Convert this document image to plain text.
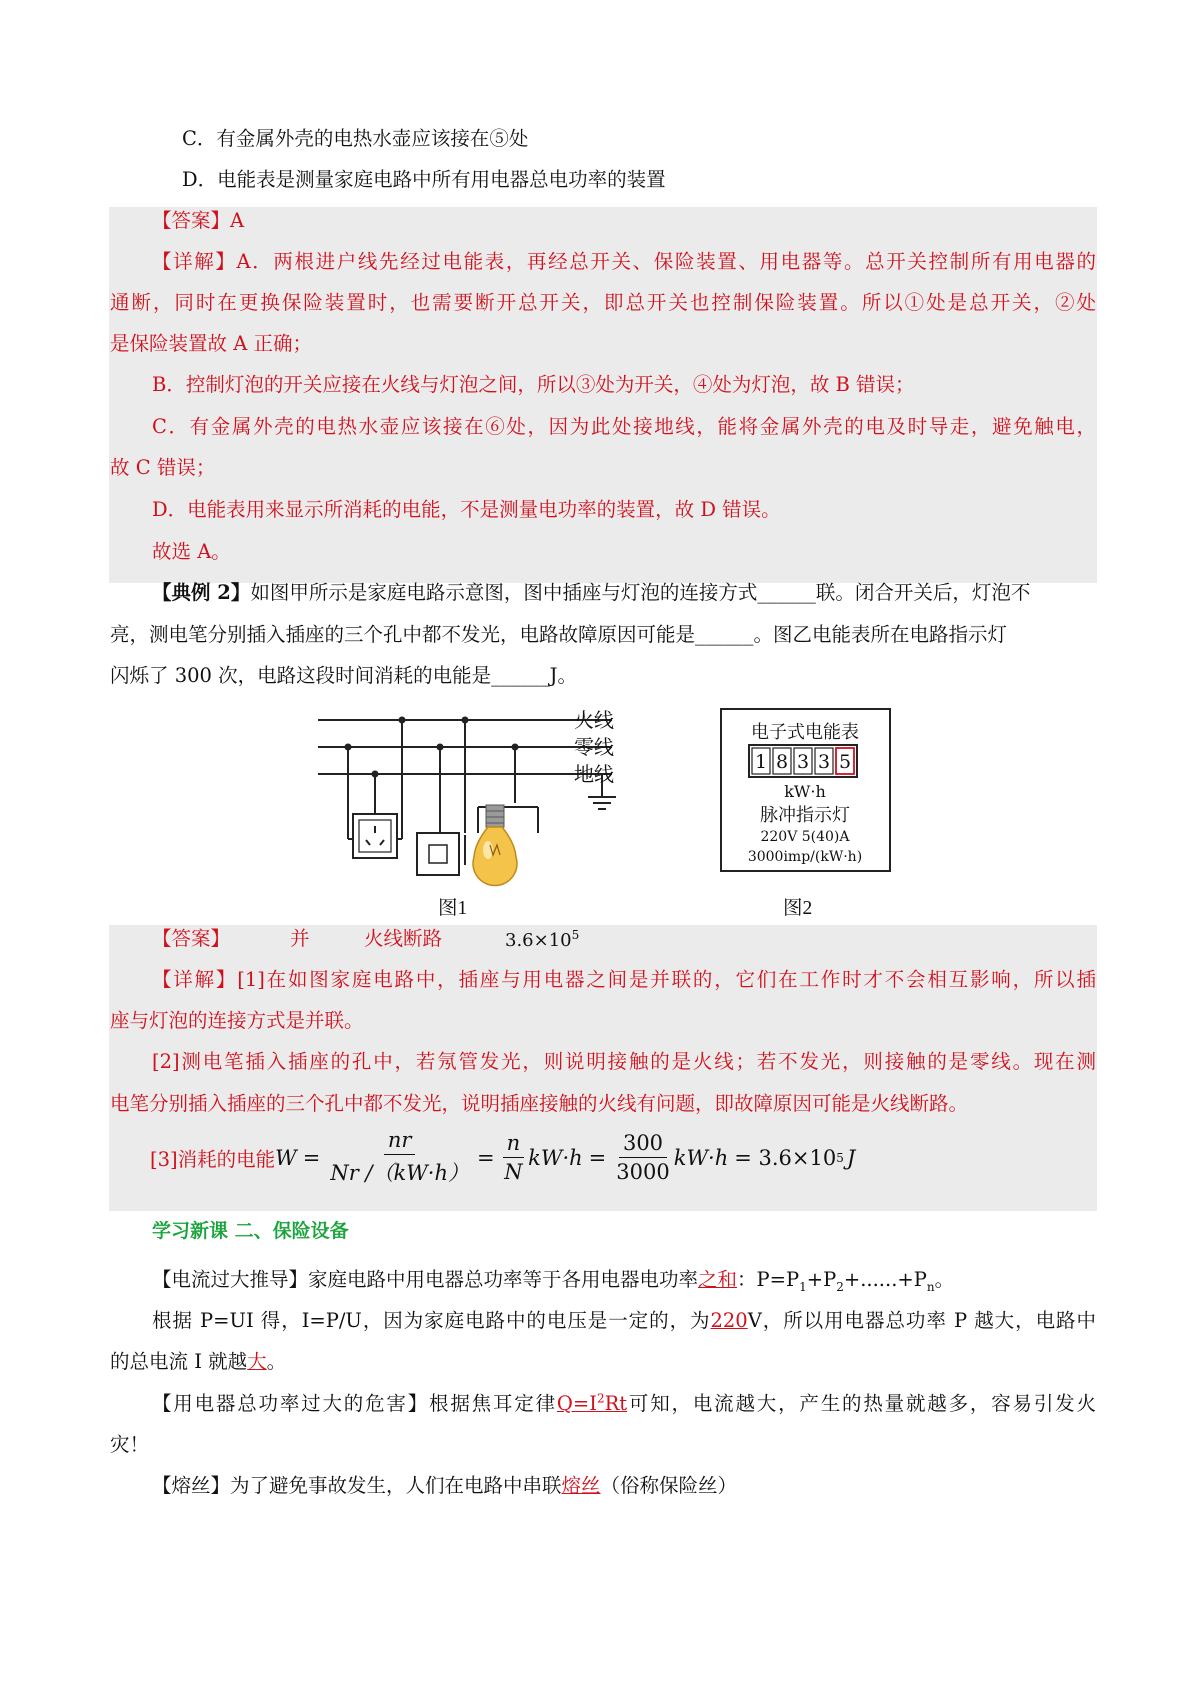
C．有金属外壳的电热水壶应该接在⑤处
D．电能表是测量家庭电路中所有用电器总电功率的装置
【答案】A
【详解】A．两根进户线先经过电能表，再经总开关、保险装置、用电器等。总开关控制所有用电器的
通断，同时在更换保险装置时，也需要断开总开关，即总开关也控制保险装置。所以①处是总开关，②处
是保险装置故 A 正确；
B．控制灯泡的开关应接在火线与灯泡之间，所以③处为开关，④处为灯泡，故 B 错误；
C．有金属外壳的电热水壶应该接在⑥处，因为此处接地线，能将金属外壳的电及时导走，避免触电，
故 C 错误；
D．电能表用来显示所消耗的电能，不是测量电功率的装置，故 D 错误。
故选 A。
【典例 2】如图甲所示是家庭电路示意图，图中插座与灯泡的连接方式______联。闭合开关后，灯泡不
亮，测电笔分别插入插座的三个孔中都不发光，电路故障原因可能是______。图乙电能表所在电路指示灯
闪烁了 300 次，电路这段时间消耗的电能是______J。
火线
零线
地线
电子式电能表
1 8 3 3 5
kW·h
脉冲指示灯
220V 5(40)A
3000imp/(kW·h)
图1	图2
【答案】	并	火线断路	$3.6\times 10^5$
【详解】[1]在如图家庭电路中，插座与用电器之间是并联的，它们在工作时才不会相互影响，所以插
座与灯泡的连接方式是并联。
[2]测电笔插入插座的孔中，若氖管发光，则说明接触的是火线；若不发光，则接触的是零线。现在测
电笔分别插入插座的三个孔中都不发光，说明插座接触的火线有问题，即故障原因可能是火线断路。
[3]消耗的电能 $W = \frac{nr}{Nr /(kW\cdot h)} = \frac{n}{N} kW\cdot h = \frac{300}{3000} kW\cdot h = 3.6\times 10$ 5 J
学习新课 二、保险设备
【电流过大推导】家庭电路中用电器总功率等于各用电器电功率之和：$P=P_1+P_2+......+P_n$。
根据 P=UI 得，I=P/U，因为家庭电路中的电压是一定的，为220V，所以用电器总功率 P 越大，电路中
的总电流 I 就越大。
【用电器总功率过大的危害】根据焦耳定律$Q=I^2Rt$可知，电流越大，产生的热量就越多，容易引发火
灾！
【熔丝】为了避免事故发生，人们在电路中串联熔丝（俗称保险丝）
